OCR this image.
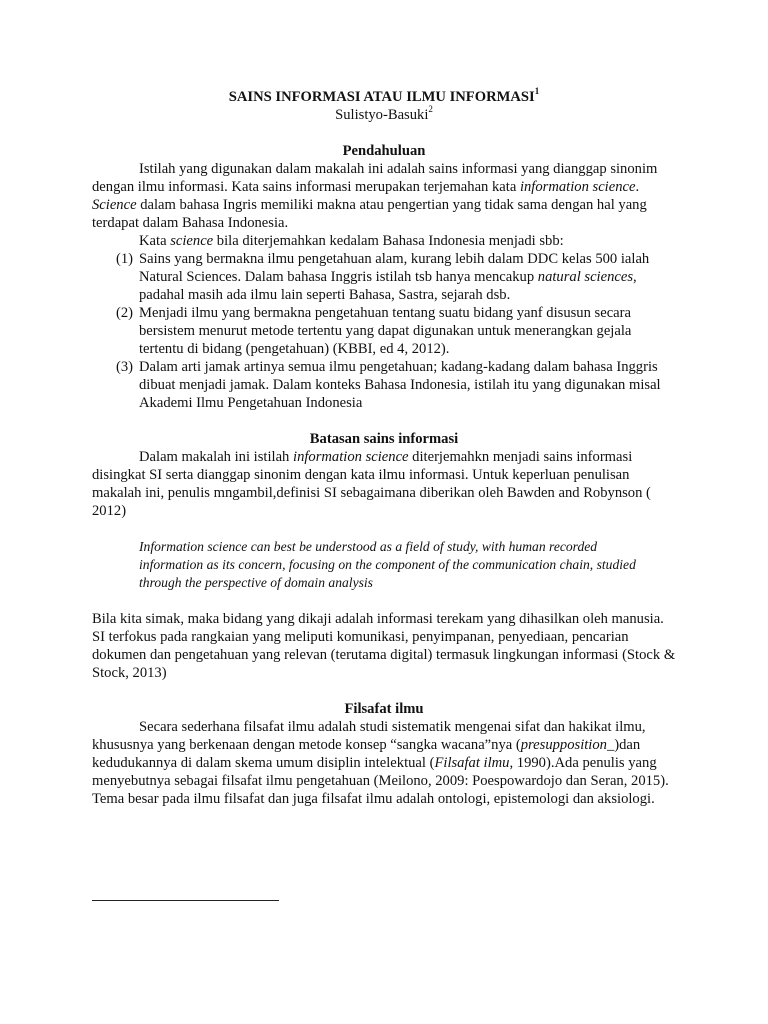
SAINS INFORMASI ATAU ILMU INFORMASI$^1$

Sulistyo-Basuki$^2$

Pendahuluan

Istilah yang digunakan dalam makalah ini adalah sains informasi yang dianggap sinonim dengan ilmu informasi. Kata sains informasi merupakan terjemahan kata information science. Science dalam bahasa Ingris memiliki makna atau pengertian yang tidak sama dengan hal yang terdapat dalam Bahasa Indonesia.

Kata science bila diterjemahkan kedalam Bahasa Indonesia menjadi sbb:

(1) Sains yang bermakna ilmu pengetahuan alam, kurang lebih dalam DDC kelas 500 ialah Natural Sciences. Dalam bahasa Inggris istilah tsb hanya mencakup natural sciences, padahal masih ada ilmu lain seperti Bahasa, Sastra, sejarah dsb.
(2) Menjadi ilmu yang bermakna pengetahuan tentang suatu bidang yanf disusun secara bersistem menurut metode tertentu yang dapat digunakan untuk menerangkan gejala tertentu di bidang (pengetahuan) (KBBI, ed 4, 2012).
(3) Dalam arti jamak artinya semua ilmu pengetahuan; kadang-kadang dalam bahasa Inggris dibuat menjadi jamak. Dalam konteks Bahasa Indonesia, istilah itu yang digunakan misal Akademi Ilmu Pengetahuan Indonesia

Batasan sains informasi

Dalam makalah ini istilah information science diterjemahkn menjadi sains informasi disingkat SI serta dianggap sinonim dengan kata ilmu informasi. Untuk keperluan penulisan makalah ini, penulis mngambil,definisi SI sebagaimana diberikan oleh Bawden and Robynson ( 2012)

Information science can best be understood as a field of study, with human recorded information as its concern, focusing on the component of the communication chain, studied through the perspective of domain analysis

Bila kita simak, maka bidang yang dikaji adalah informasi terekam yang dihasilkan oleh manusia. SI terfokus pada rangkaian yang meliputi komunikasi, penyimpanan, penyediaan, pencarian dokumen dan pengetahuan yang relevan (terutama digital) termasuk lingkungan informasi (Stock & Stock, 2013)

Filsafat ilmu

Secara sederhana filsafat ilmu adalah studi sistematik mengenai sifat dan hakikat ilmu, khususnya yang berkenaan dengan metode konsep “sangka wacana”nya (presupposition_)dan kedudukannya di dalam skema umum disiplin intelektual (Filsafat ilmu, 1990).Ada penulis yang menyebutnya sebagai filsafat ilmu pengetahuan (Meilono, 2009: Poespowardojo dan Seran, 2015). Tema besar pada ilmu filsafat dan juga filsafat ilmu adalah ontologi, epistemologi dan aksiologi.
